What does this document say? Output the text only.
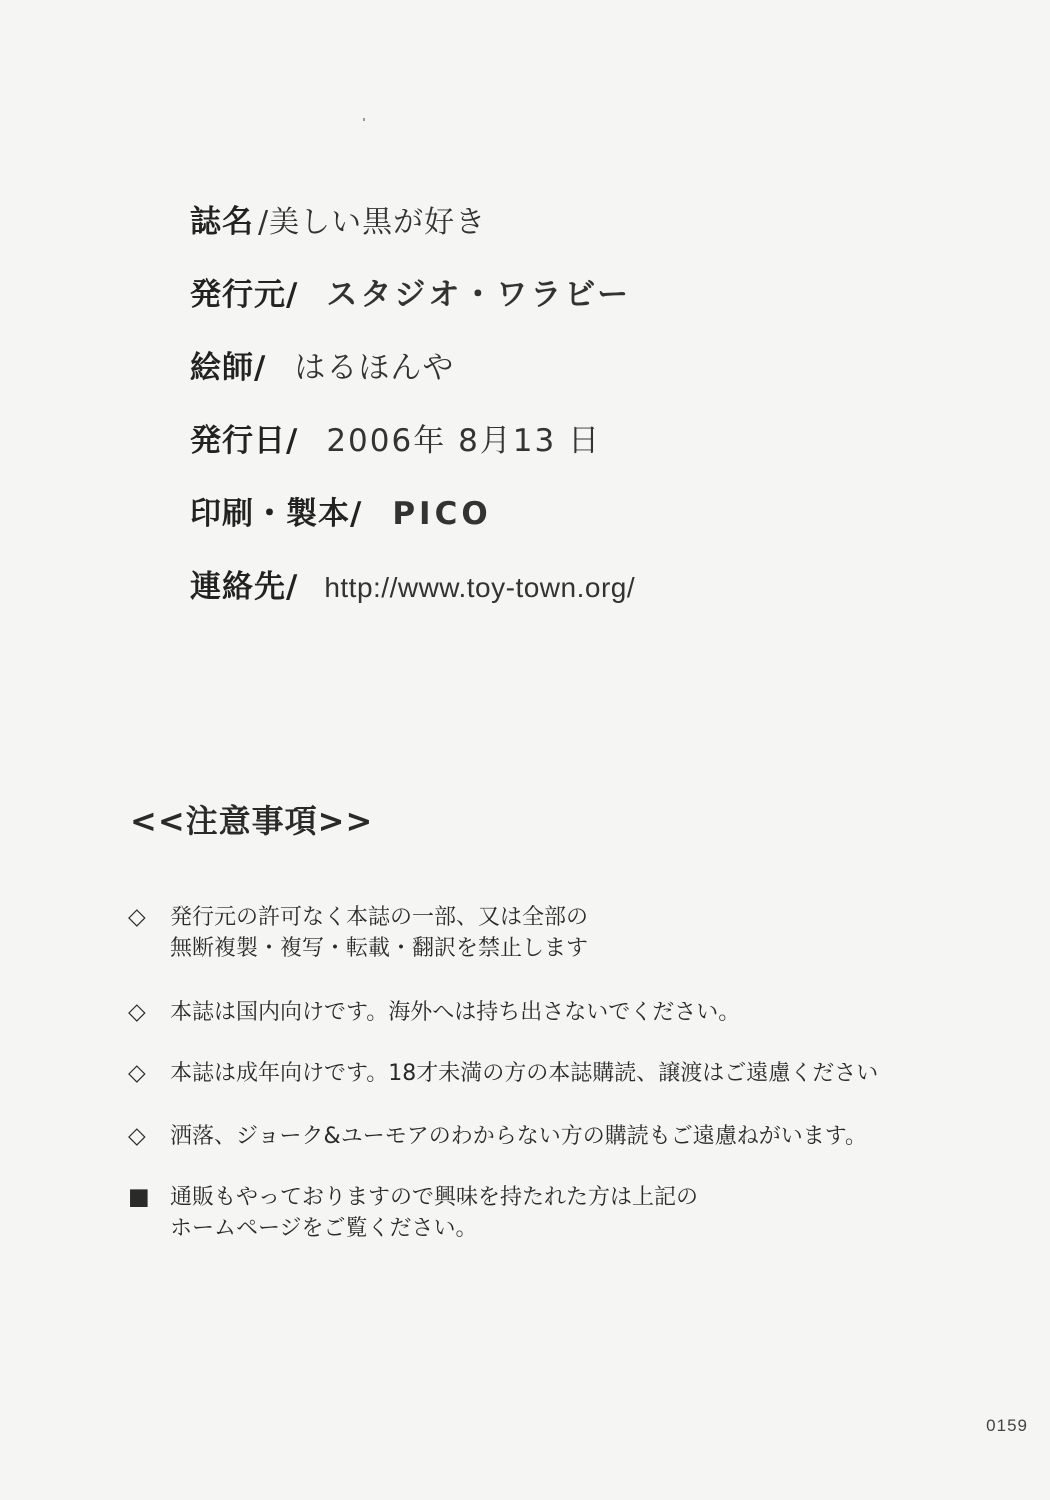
誌名 /美しい黒が好き
発行元/ スタジオ・ワラビー
絵師/ はるほんや
発行日/ 2006年 8月13 日
印刷・製本/ PICO
連絡先/ http://www.toy-town.org/
<<注意事項>>
◇	発行元の許可なく本誌の一部、又は全部の
無断複製・複写・転載・翻訳を禁止します
◇	本誌は国内向けです。海外へは持ち出さないでください。
◇	本誌は成年向けです。18才未満の方の本誌購読、譲渡はご遠慮ください
◇	洒落、ジョーク&ユーモアのわからない方の購読もご遠慮ねがいます。
■ 通販もやっておりますので興味を持たれた方は上記の
ホームページをご覧ください。
0159
